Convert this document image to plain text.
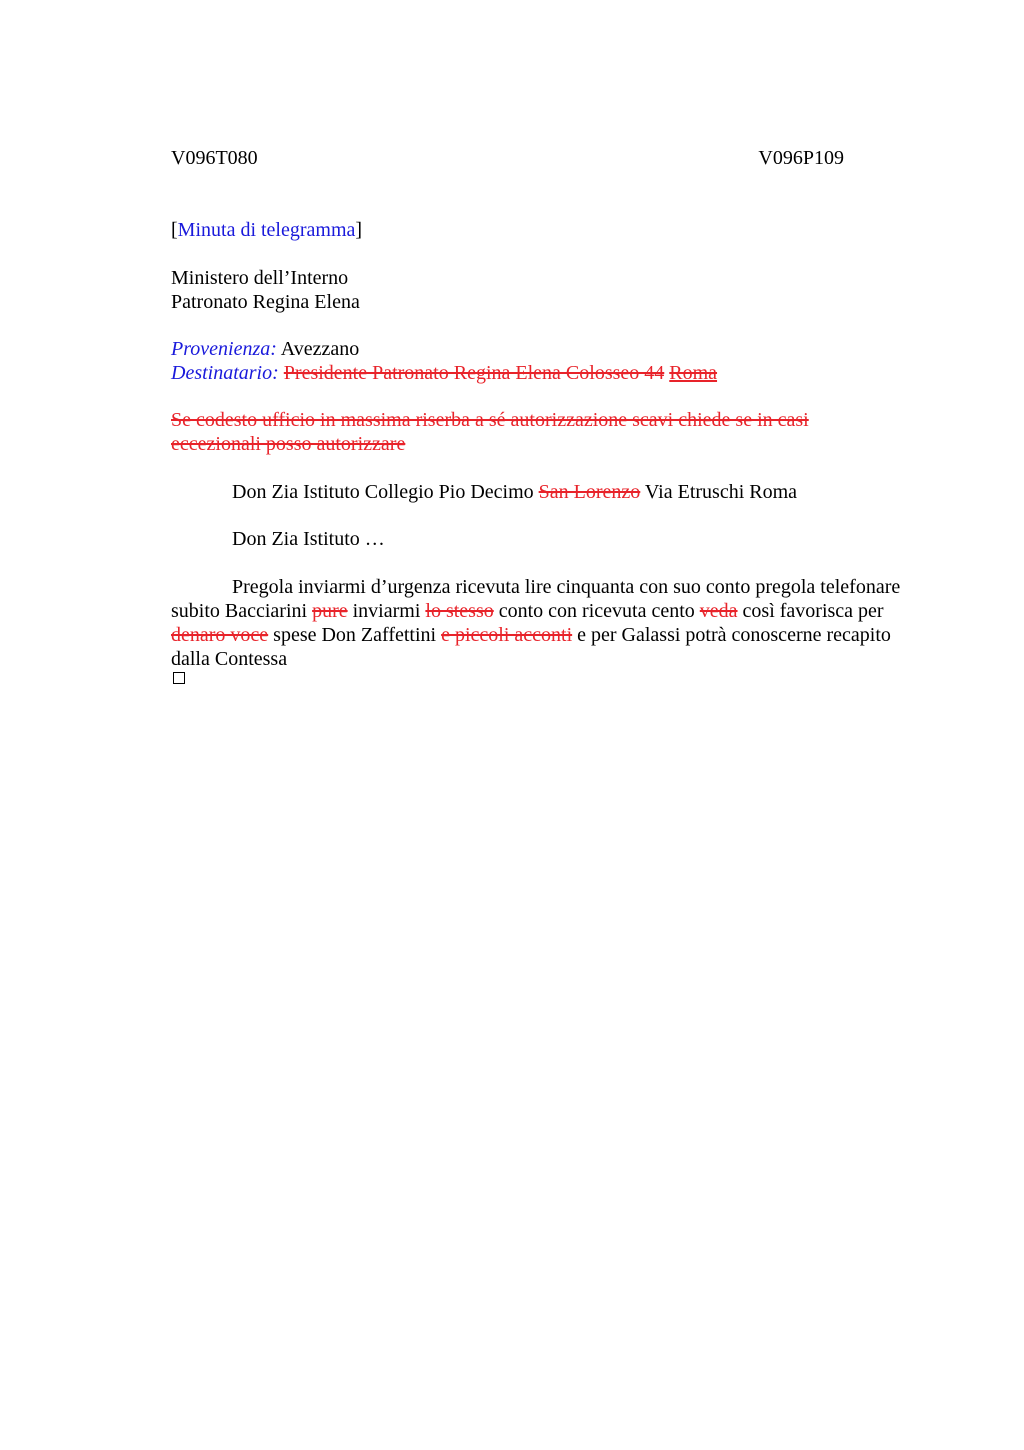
V096T080	V096P109
[Minuta di telegramma]
Ministero dell’Interno
Patronato Regina Elena
Provenienza: Avezzano
Destinatario: Presidente Patronato Regina Elena Colosseo 44 Roma
Se codesto ufficio in massima riserba a sé autorizzazione scavi chiede se in casi eccezionali posso autorizzare
Don Zia Istituto Collegio Pio Decimo San Lorenzo Via Etruschi Roma
Don Zia Istituto …
Pregola inviarmi d’urgenza ricevuta lire cinquanta con suo conto pregola telefonare subito Bacciarini pure inviarmi lo stesso conto con ricevuta cento veda così favorisca per denaro voce spese Don Zaffettini e piccoli acconti e per Galassi potrà conoscerne recapito dalla Contessa
